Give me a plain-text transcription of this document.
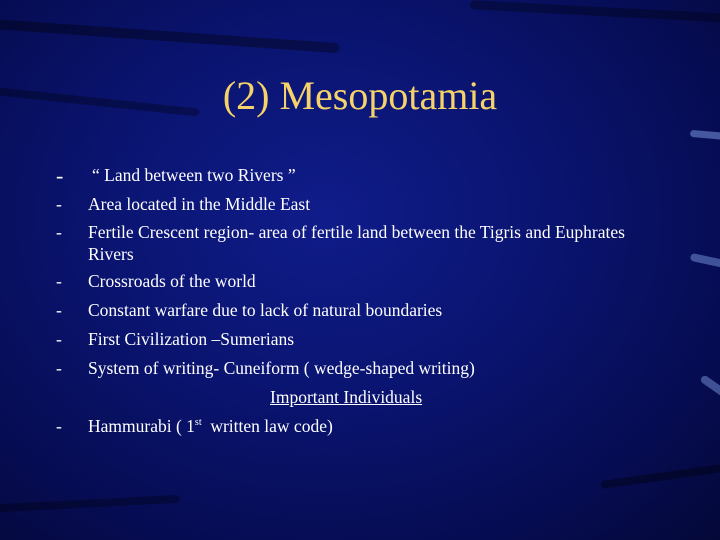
(2) Mesopotamia
-	“ Land between two Rivers ”
-	Area located in the Middle East
-	Fertile Crescent region- area of fertile land between the Tigris and Euphrates Rivers
-	Crossroads of the world
-	Constant warfare due to lack of natural boundaries
-	First Civilization –Sumerians
-	System of writing- Cuneiform ( wedge-shaped writing)
Important Individuals
-	Hammurabi ( 1st  written law code)
